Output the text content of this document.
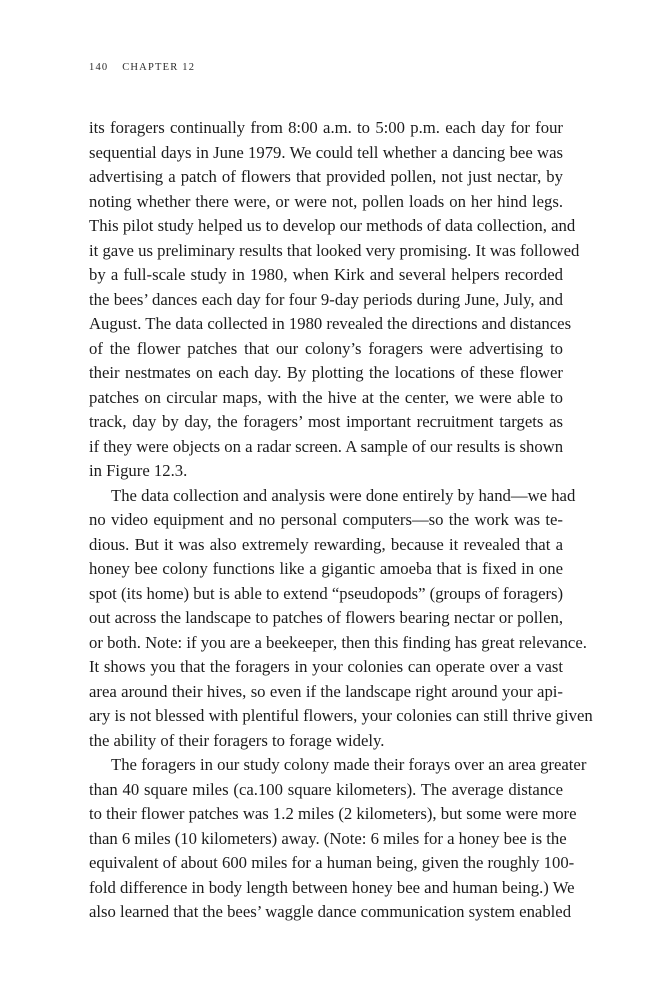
140 CHAPTER 12
its foragers continually from 8:00 a.m. to 5:00 p.m. each day for four
sequential days in June 1979. We could tell whether a dancing bee was
advertising a patch of flowers that provided pollen, not just nectar, by
noting whether there were, or were not, pollen loads on her hind legs.
This pilot study helped us to develop our methods of data collection, and
it gave us preliminary results that looked very promising. It was followed
by a full-scale study in 1980, when Kirk and several helpers recorded
the bees’ dances each day for four 9-day periods during June, July, and
August. The data collected in 1980 revealed the directions and distances
of the flower patches that our colony’s foragers were advertising to
their nestmates on each day. By plotting the locations of these flower
patches on circular maps, with the hive at the center, we were able to
track, day by day, the foragers’ most important recruitment targets as
if they were objects on a radar screen. A sample of our results is shown
in Figure 12.3.
The data collection and analysis were done entirely by hand—we had
no video equipment and no personal computers—so the work was te-
dious. But it was also extremely rewarding, because it revealed that a
honey bee colony functions like a gigantic amoeba that is fixed in one
spot (its home) but is able to extend “pseudopods” (groups of foragers)
out across the landscape to patches of flowers bearing nectar or pollen,
or both. Note: if you are a beekeeper, then this finding has great relevance.
It shows you that the foragers in your colonies can operate over a vast
area around their hives, so even if the landscape right around your api-
ary is not blessed with plentiful flowers, your colonies can still thrive given
the ability of their foragers to forage widely.
The foragers in our study colony made their forays over an area greater
than 40 square miles (ca.100 square kilometers). The average distance
to their flower patches was 1.2 miles (2 kilometers), but some were more
than 6 miles (10 kilometers) away. (Note: 6 miles for a honey bee is the
equivalent of about 600 miles for a human being, given the roughly 100-
fold difference in body length between honey bee and human being.) We
also learned that the bees’ waggle dance communication system enabled
